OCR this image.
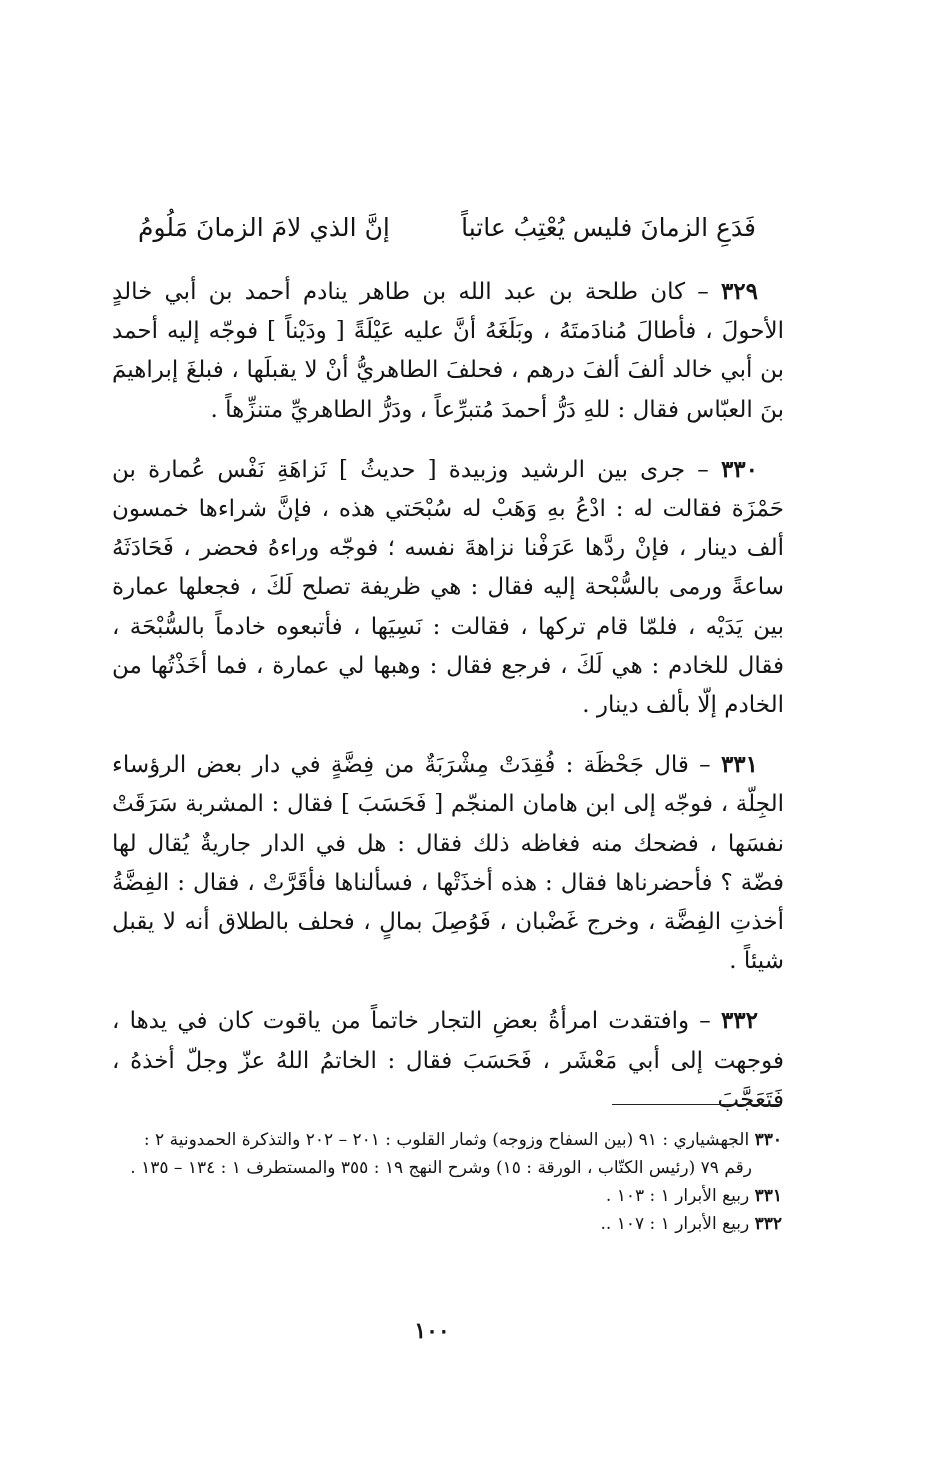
فَدَعِ الزمانَ فليس يُعْتِبُ عاتباً
إنَّ الذي لامَ الزمانَ مَلُومُ

٣٢٩ – كان طلحة بن عبد الله بن طاهر ينادم أحمد بن أبي خالدٍ الأحولَ ، فأطالَ مُنادَمتَهُ ، وبَلَغَهُ أنَّ عليه عَيْلَةً [ ودَيْناً ] فوجّه إليه أحمد بن أبي خالد ألفَ ألفَ درهم ، فحلفَ الطاهريُّ أنْ لا يقبلَها ، فبلغَ إبراهيمَ بنَ العبّاس فقال : للهِ دَرُّ أحمدَ مُتبرِّعاً ، ودَرُّ الطاهريِّ متنزِّهاً .

٣٣٠ – جرى بين الرشيد وزبيدة [ حديثُ ] نَزاهَةِ نَفْس عُمارة بن حَمْزَة فقالت له : ادْعُ بهِ وَهَبْ له سُبْحَتي هذه ، فإنَّ شراءها خمسون ألف دينار ، فإنْ ردَّها عَرَفْنا نزاهةَ نفسه ؛ فوجّه وراءهُ فحضر ، فَحَادَثَهُ ساعةً ورمى بالسُّبْحة إليه فقال : هي ظريفة تصلح لَكَ ، فجعلها عمارة بين يَدَيْه ، فلمّا قام تركها ، فقالت : نَسِيَها ، فأتبعوه خادماً بالسُّبْحَة ، فقال للخادم : هي لَكَ ، فرجع فقال : وهبها لي عمارة ، فما أخَذْتُها من الخادم إلّا بألف دينار .

٣٣١ – قال جَحْظَة : فُقِدَتْ مِشْرَبَةٌ من فِضَّةٍ في دار بعض الرؤساء الجِلّة ، فوجّه إلى ابن هامان المنجّم [ فَحَسَبَ ] فقال : المشربة سَرَقَتْ نفسَها ، فضحك منه فغاظه ذلك فقال : هل في الدار جاريةٌ يُقال لها فضّة ؟ فأحضرناها فقال : هذه أخذَتْها ، فسألناها فأقَرَّتْ ، فقال : الفِضَّةُ أخذتِ الفِضَّة ، وخرج غَضْبان ، فَوُصِلَ بمالٍ ، فحلف بالطلاق أنه لا يقبل شيئاً .

٣٣٢ – وافتقدت امرأةُ بعضِ التجار خاتماً من ياقوت كان في يدها ، فوجهت إلى أبي مَعْشَر ، فَحَسَبَ فقال : الخاتمُ اللهُ عزّ وجلّ أخذهُ ، فَتَعَجَّبَ

٣٣٠ الجهشياري : ٩١ (بين السفاح وزوجه) وثمار القلوب : ٢٠١ – ٢٠٢ والتذكرة الحمدونية ٢ : رقم ٧٩ (رئيس الكتّاب ، الورقة : ١٥) وشرح النهج ١٩ : ٣٥٥ والمستطرف ١ : ١٣٤ – ١٣٥ .

٣٣١ ربيع الأبرار ١ : ١٠٣ .

٣٣٢ ربيع الأبرار ١ : ١٠٧ ..

١٠٠
